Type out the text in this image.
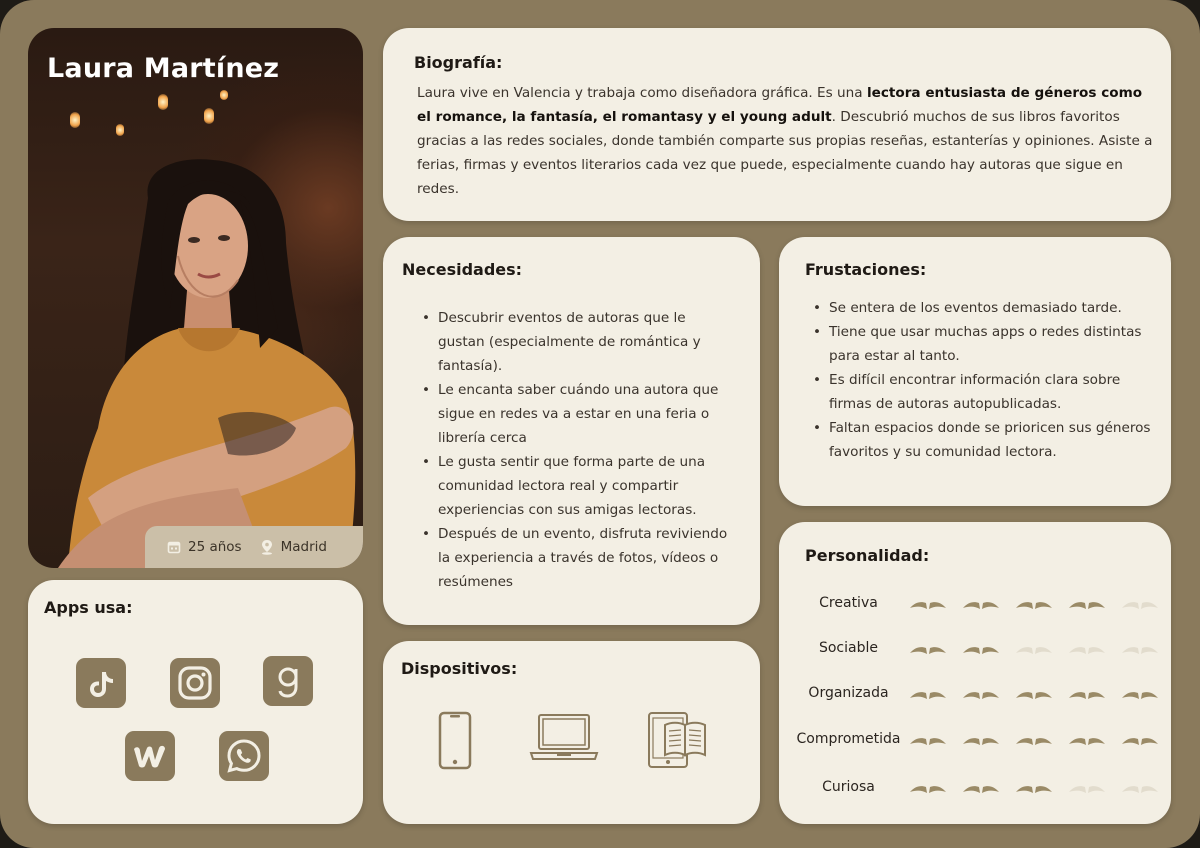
Laura Martínez
25 años	Madrid
Biografía:

Laura vive en Valencia y trabaja como diseñadora gráfica. Es una lectora entusiasta de géneros como el romance, la fantasía, el romantasy y el young adult. Descubrió muchos de sus libros favoritos gracias a las redes sociales, donde también comparte sus propias reseñas, estanterías y opiniones. Asiste a ferias, firmas y eventos literarios cada vez que puede, especialmente cuando hay autoras que sigue en redes.

Necesidades:
• Descubrir eventos de autoras que le gustan (especialmente de romántica y fantasía).
• Le encanta saber cuándo una autora que sigue en redes va a estar en una feria o librería cerca
• Le gusta sentir que forma parte de una comunidad lectora real y compartir experiencias con sus amigas lectoras.
• Después de un evento, disfruta reviviendo la experiencia a través de fotos, vídeos o resúmenes
Frustaciones:
• Se entera de los eventos demasiado tarde.
• Tiene que usar muchas apps o redes distintas para estar al tanto.
• Es difícil encontrar información clara sobre firmas de autoras autopublicadas.
• Faltan espacios donde se prioricen sus géneros favoritos y su comunidad lectora.
Apps usa:
Dispositivos:
Personalidad:
Creativa
Sociable
Organizada
Comprometida
Curiosa
